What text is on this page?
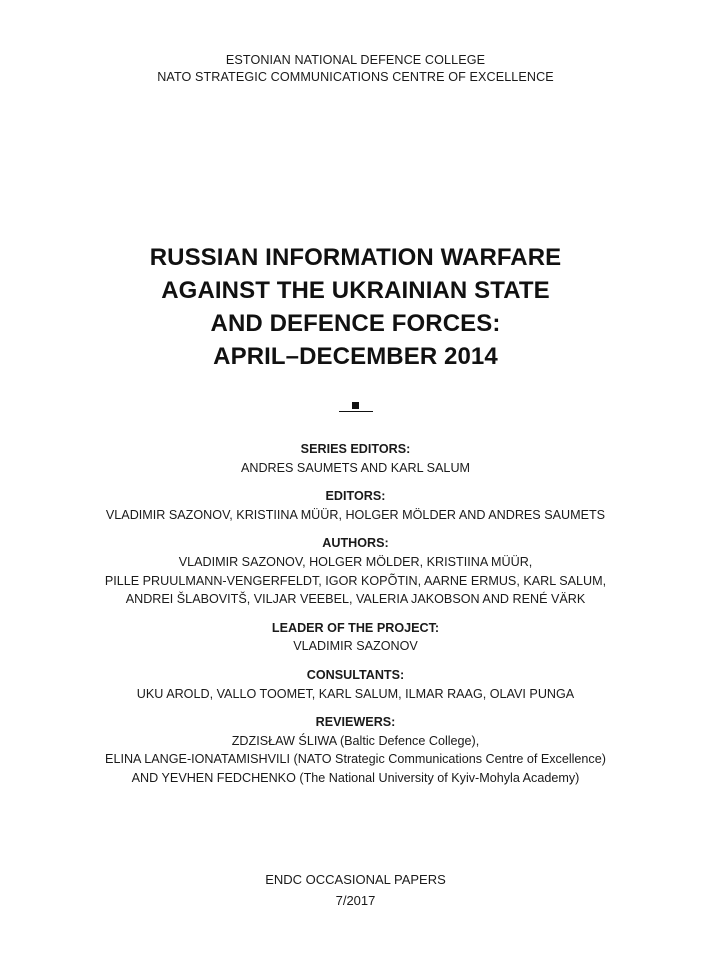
ESTONIAN NATIONAL DEFENCE COLLEGE
NATO STRATEGIC COMMUNICATIONS CENTRE OF EXCELLENCE
RUSSIAN INFORMATION WARFARE
AGAINST THE UKRAINIAN STATE
AND DEFENCE FORCES:
APRIL–DECEMBER 2014
SERIES EDITORS:
ANDRES SAUMETS AND KARL SALUM
EDITORS:
VLADIMIR SAZONOV, KRISTIINA MÜÜR, HOLGER MÖLDER AND ANDRES SAUMETS
AUTHORS:
VLADIMIR SAZONOV, HOLGER MÖLDER, KRISTIINA MÜÜR,
PILLE PRUULMANN-VENGERFELDT, IGOR KOPÕTIN, AARNE ERMUS, KARL SALUM,
ANDREI ŠLABOVITŠ, VILJAR VEEBEL, VALERIA JAKOBSON AND RENÉ VÄRK
LEADER OF THE PROJECT:
VLADIMIR SAZONOV
CONSULTANTS:
UKU AROLD, VALLO TOOMET, KARL SALUM, ILMAR RAAG, OLAVI PUNGA
REVIEWERS:
ZDZISŁAW ŚLIWA (Baltic Defence College),
ELINA LANGE-IONATAMISHVILI (NATO Strategic Communications Centre of Excellence)
AND YEVHEN FEDCHENKO (The National University of Kyiv-Mohyla Academy)
ENDC OCCASIONAL PAPERS
7/2017
